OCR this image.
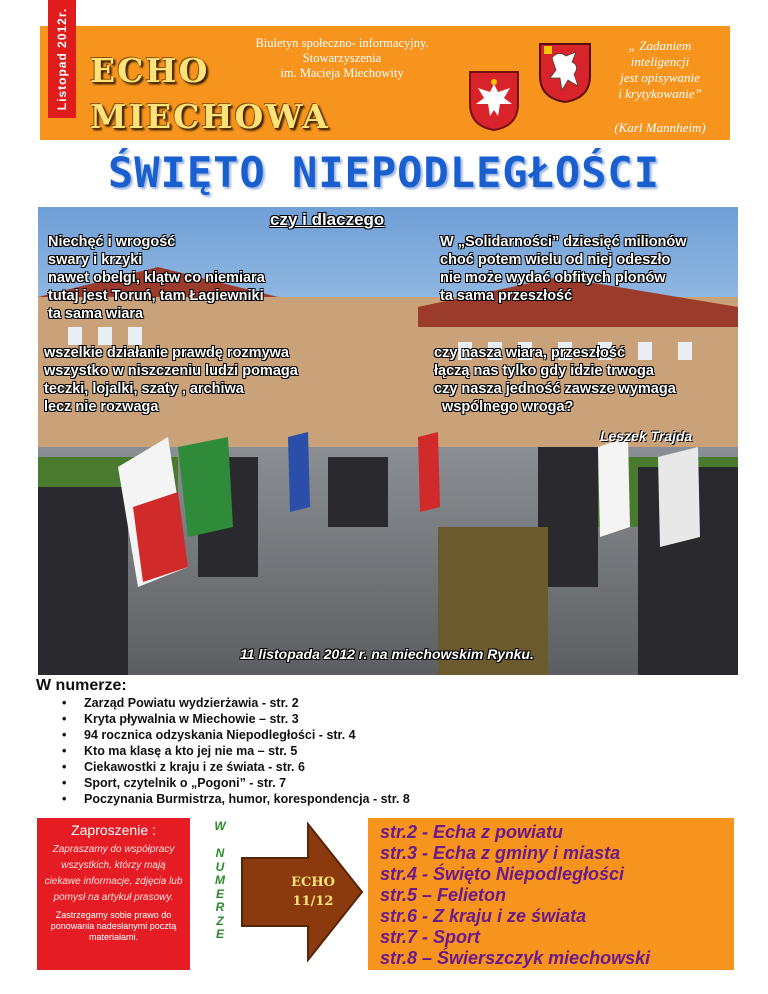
Listopad 2012r. ECHO
MIECHOWA
Biuletyn społeczno- informacyjny.
Stowarzyszenia
im. Macieja Miechowity
„ Zadaniem
inteligencji
jest opisywanie
i krytykowanie”
(Karl Mannheim)
ŚWIĘTO NIEPODLEGŁOŚCI
czy i dlaczego
Niechęć i wrogość
swary i krzyki
nawet obelgi, klątw co niemiara
tutaj jest Toruń, tam Łagiewniki
ta sama wiara
W „Solidarności” dziesięć milionów
choć potem wielu od niej odeszło
nie może wydać obfitych plonów
ta sama przeszłość
wszelkie działanie prawdę rozmywa
wszystko w niszczeniu ludzi pomaga
teczki, lojalki, szaty , archiwa
lecz nie rozwaga
czy nasza wiara, przeszłość
łączą nas tylko gdy idzie trwoga
czy nasza jedność zawsze wymaga
wspólnego wroga?
Leszek Trajda
11 listopada 2012 r. na miechowskim Rynku.
W numerze:
• Zarząd Powiatu wydzierżawia - str. 2
• Kryta pływalnia w Miechowie – str. 3
• 94 rocznica odzyskania Niepodległości - str. 4
• Kto ma klasę a kto jej nie ma – str. 5
• Ciekawostki z kraju i ze świata - str. 6
• Sport, czytelnik o „Pogoni” - str. 7
• Poczynania Burmistrza, humor, korespondencja - str. 8
Zaproszenie :
Zapraszamy do współpracy wszystkich, którzy mają ciekawe informacje, zdjęcia lub pomysł na artykuł prasowy.
Zastrzegamy sobie prawo do ponowania nadesłanymi pocztą materiałami.
W
N
U
M
E
R
Z
E
ECHO
11/12
str.2 - Echa z powiatu
str.3 - Echa z gminy i miasta
str.4 - Święto Niepodległości
str.5 – Felieton
str.6 - Z kraju i ze świata
str.7 - Sport
str.8 – Świerszczyk miechowski
